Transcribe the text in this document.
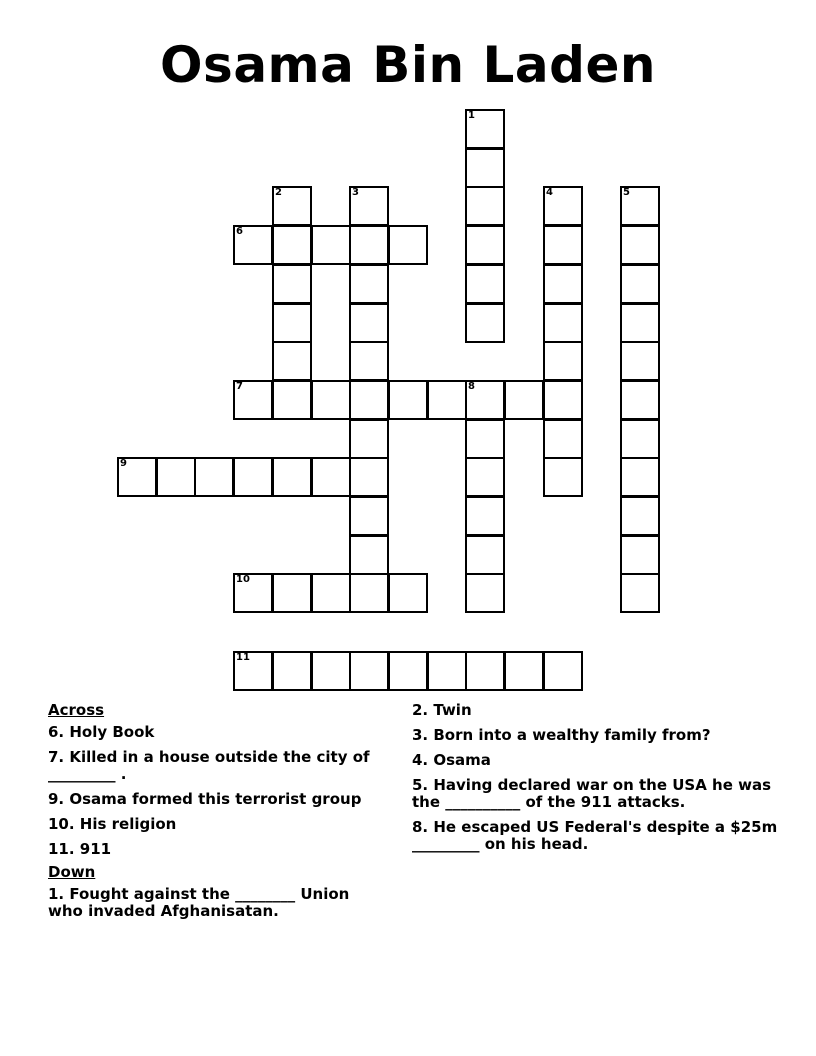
Osama Bin Laden
6
7	8
9
10
11
1
2	3	4	5
Across
6. Holy Book
7. Killed in a house outside the city of _________ .
9. Osama formed this terrorist group
10. His religion
11. 911
Down
1. Fought against the ________ Union who invaded Afghanisatan.
2. Twin
3. Born into a wealthy family from?
4. Osama
5. Having declared war on the USA he was the __________ of the 911 attacks.
8. He escaped US Federal's despite a $25m _________ on his head.
